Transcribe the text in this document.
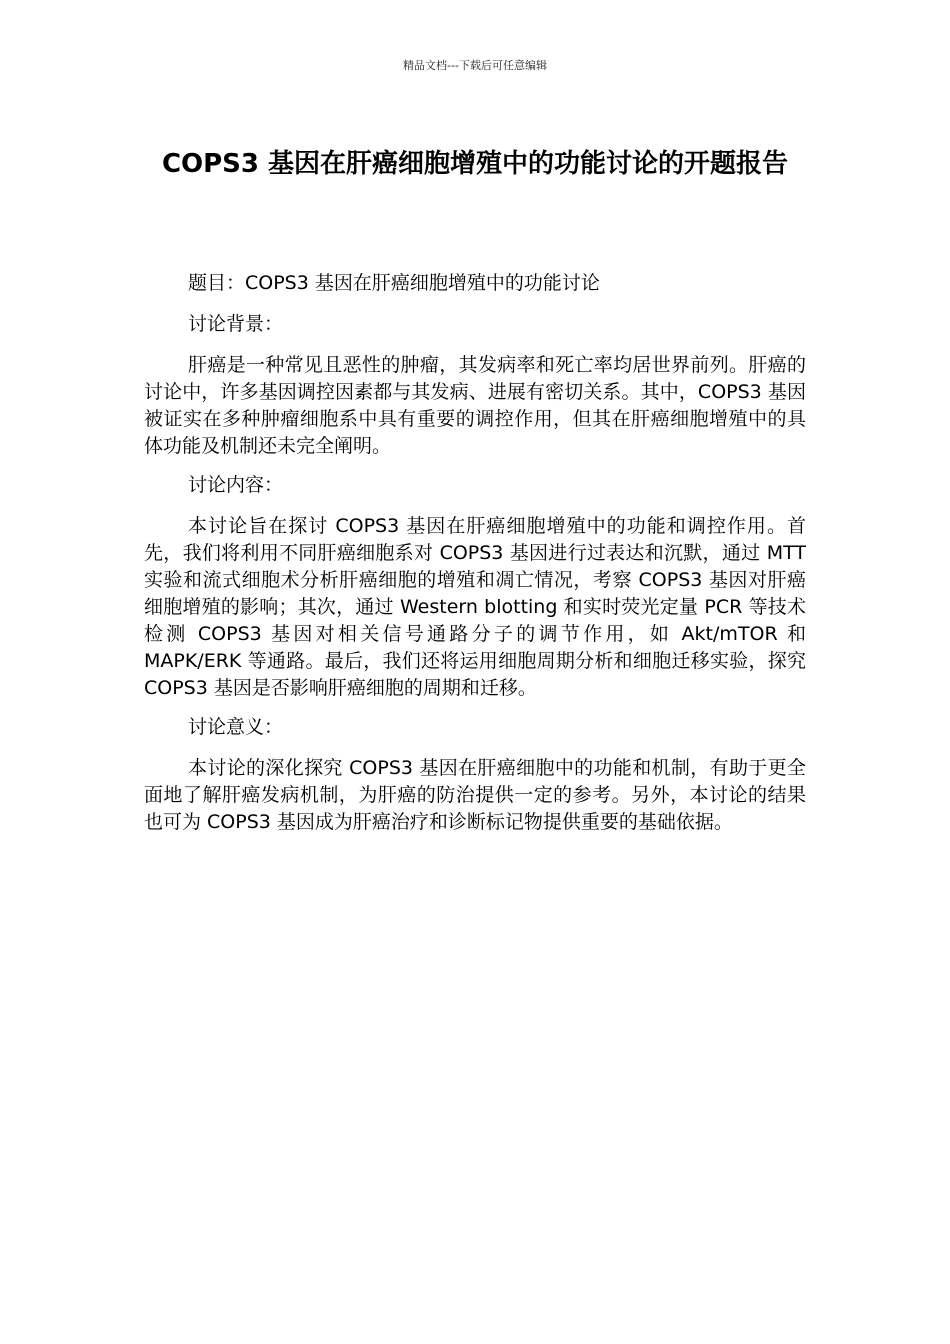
精品文档---下载后可任意编辑
COPS3 基因在肝癌细胞增殖中的功能讨论的开题报告

题目：COPS3 基因在肝癌细胞增殖中的功能讨论

讨论背景：

肝癌是一种常见且恶性的肿瘤，其发病率和死亡率均居世界前列。肝癌的讨论中，许多基因调控因素都与其发病、进展有密切关系。其中，COPS3 基因被证实在多种肿瘤细胞系中具有重要的调控作用，但其在肝癌细胞增殖中的具体功能及机制还未完全阐明。

讨论内容：

本讨论旨在探讨 COPS3 基因在肝癌细胞增殖中的功能和调控作用。首先，我们将利用不同肝癌细胞系对 COPS3 基因进行过表达和沉默，通过 MTT 实验和流式细胞术分析肝癌细胞的增殖和凋亡情况，考察 COPS3 基因对肝癌细胞增殖的影响；其次，通过 Western blotting 和实时荧光定量 PCR 等技术检测 COPS3 基因对相关信号通路分子的调节作用，如 Akt/mTOR 和 MAPK/ERK 等通路。最后，我们还将运用细胞周期分析和细胞迁移实验，探究 COPS3 基因是否影响肝癌细胞的周期和迁移。

讨论意义：

本讨论的深化探究 COPS3 基因在肝癌细胞中的功能和机制，有助于更全面地了解肝癌发病机制，为肝癌的防治提供一定的参考。另外，本讨论的结果也可为 COPS3 基因成为肝癌治疗和诊断标记物提供重要的基础依据。
